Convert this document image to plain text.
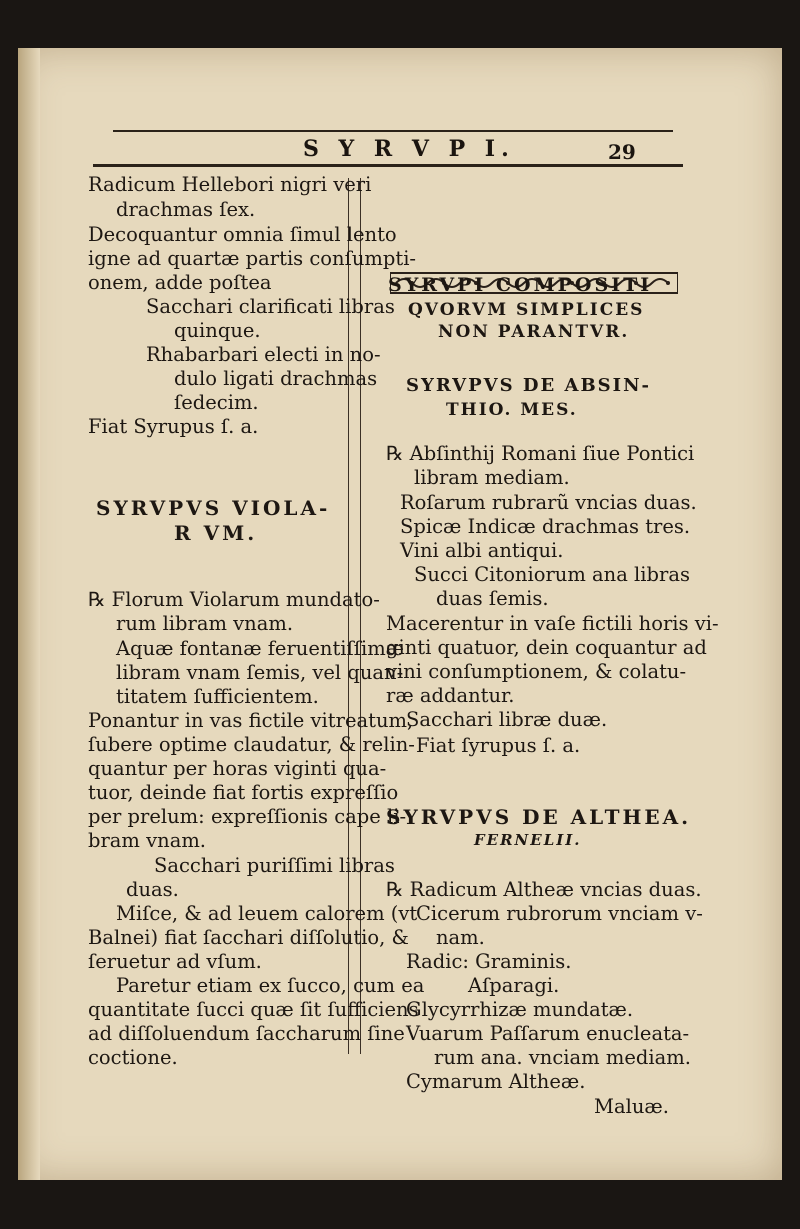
S Y R V P I.	29
Radicum Hellebori nigri veri
drachmas ſex.
Decoquantur omnia ſimul lento
igne ad quartæ partis conſumpti-
onem, adde poſtea
Sacchari clarificati libras
quinque.
Rhabarbari electi in no-
dulo ligati drachmas
ſedecim.
Fiat Syrupus ſ. a.
SYRVPVS VIOLA-
R VM.
℞ Florum Violarum mundato-
rum libram vnam.
Aquæ fontanæ feruentiſſimæ
libram vnam ſemis, vel quan-
titatem ſufficientem.
Ponantur in vas fictile vitreatum,
ſubere optime claudatur, & relin-
quantur per horas viginti qua-
tuor, deinde fiat fortis expreſſio
per prelum: expreſſionis cape li-
bram vnam.
Sacchari puriſſimi libras
duas.
Miſce, & ad leuem calorem (vt
Balnei) fiat ſacchari diſſolutio, &
ſeruetur ad vſum.
Paretur etiam ex ſucco, cum ea
quantitate ſucci quæ ſit ſufficiens
ad diſſoluendum ſaccharum ſine
coctione.
SYRVPI COMPOSITI
QVORVM SIMPLICES
NON PARANTVR.
SYRVPVS DE ABSIN-
THIO. MES.
℞ Abſinthij Romani ſiue Pontici
libram mediam.
Roſarum rubrarũ vncias duas.
Spicæ Indicæ drachmas tres.
Vini albi antiqui.
Succi Citoniorum ana libras
duas ſemis.
Macerentur in vaſe fictili horis vi-
ginti quatuor, dein coquantur ad
vini conſumptionem, & colatu-
ræ addantur.
Sacchari libræ duæ.
Fiat ſyrupus ſ. a.
SYRVPVS DE ALTHEA.
FERNELII.
℞ Radicum Altheæ vncias duas.
Cicerum rubrorum vnciam v-
nam.
Radic: Graminis.
Aſparagi.
Glycyrrhizæ mundatæ.
Vuarum Paſſarum enucleata-
rum ana. vnciam mediam.
Cymarum Altheæ.
Maluæ.
